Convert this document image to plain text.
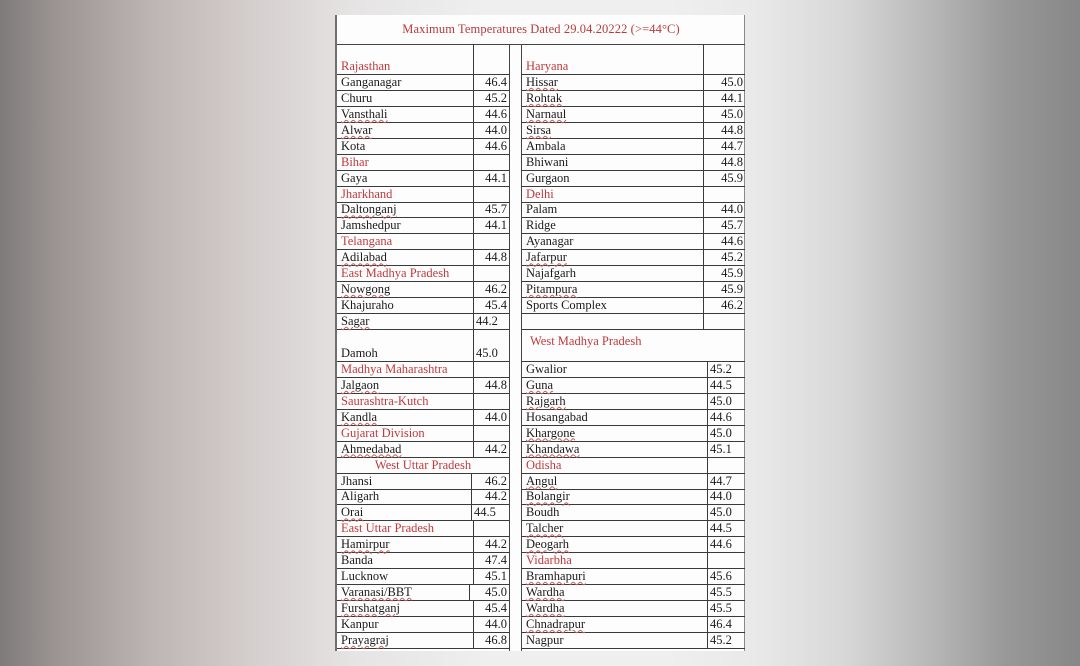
Maximum Temperatures Dated 29.04.20222 (>=44°C)
Rajasthan
Ganganagar	46.4
Churu	45.2
Vansthali	44.6
Alwar	44.0
Kota	44.6
Bihar
Gaya	44.1
Jharkhand
Daltonganj	45.7
Jamshedpur	44.1
Telangana
Adilabad	44.8
East Madhya Pradesh
Nowgong	46.2
Khajuraho	45.4
Sagar	44.2
Damoh	45.0
Madhya Maharashtra
Jalgaon	44.8
Saurashtra-Kutch
Kandla	44.0
Gujarat Division
Ahmedabad	44.2
West Uttar Pradesh
Jhansi	46.2
Aligarh	44.2
Orai	44.5
East Uttar Pradesh
Hamirpur	44.2
Banda	47.4
Lucknow	45.1
Varanasi/BBT	45.0
Furshatganj	45.4
Kanpur	44.0
Prayagraj	46.8
Haryana
Hissar	45.0
Rohtak	44.1
Narnaul	45.0
Sirsa	44.8
Ambala	44.7
Bhiwani	44.8
Gurgaon	45.9
Delhi
Palam	44.0
Ridge	45.7
Ayanagar	44.6
Jafarpur	45.2
Najafgarh	45.9
Pitampura	45.9
Sports Complex	46.2
West Madhya Pradesh
Gwalior	45.2
Guna	44.5
Rajgarh	45.0
Hosangabad	44.6
Khargone	45.0
Khandawa	45.1
Odisha
Angul	44.7
Bolangir	44.0
Boudh	45.0
Talcher	44.5
Deogarh	44.6
Vidarbha
Bramhapuri	45.6
Wardha	45.5
Wardha	45.5
Chnadrapur	46.4
Nagpur	45.2
